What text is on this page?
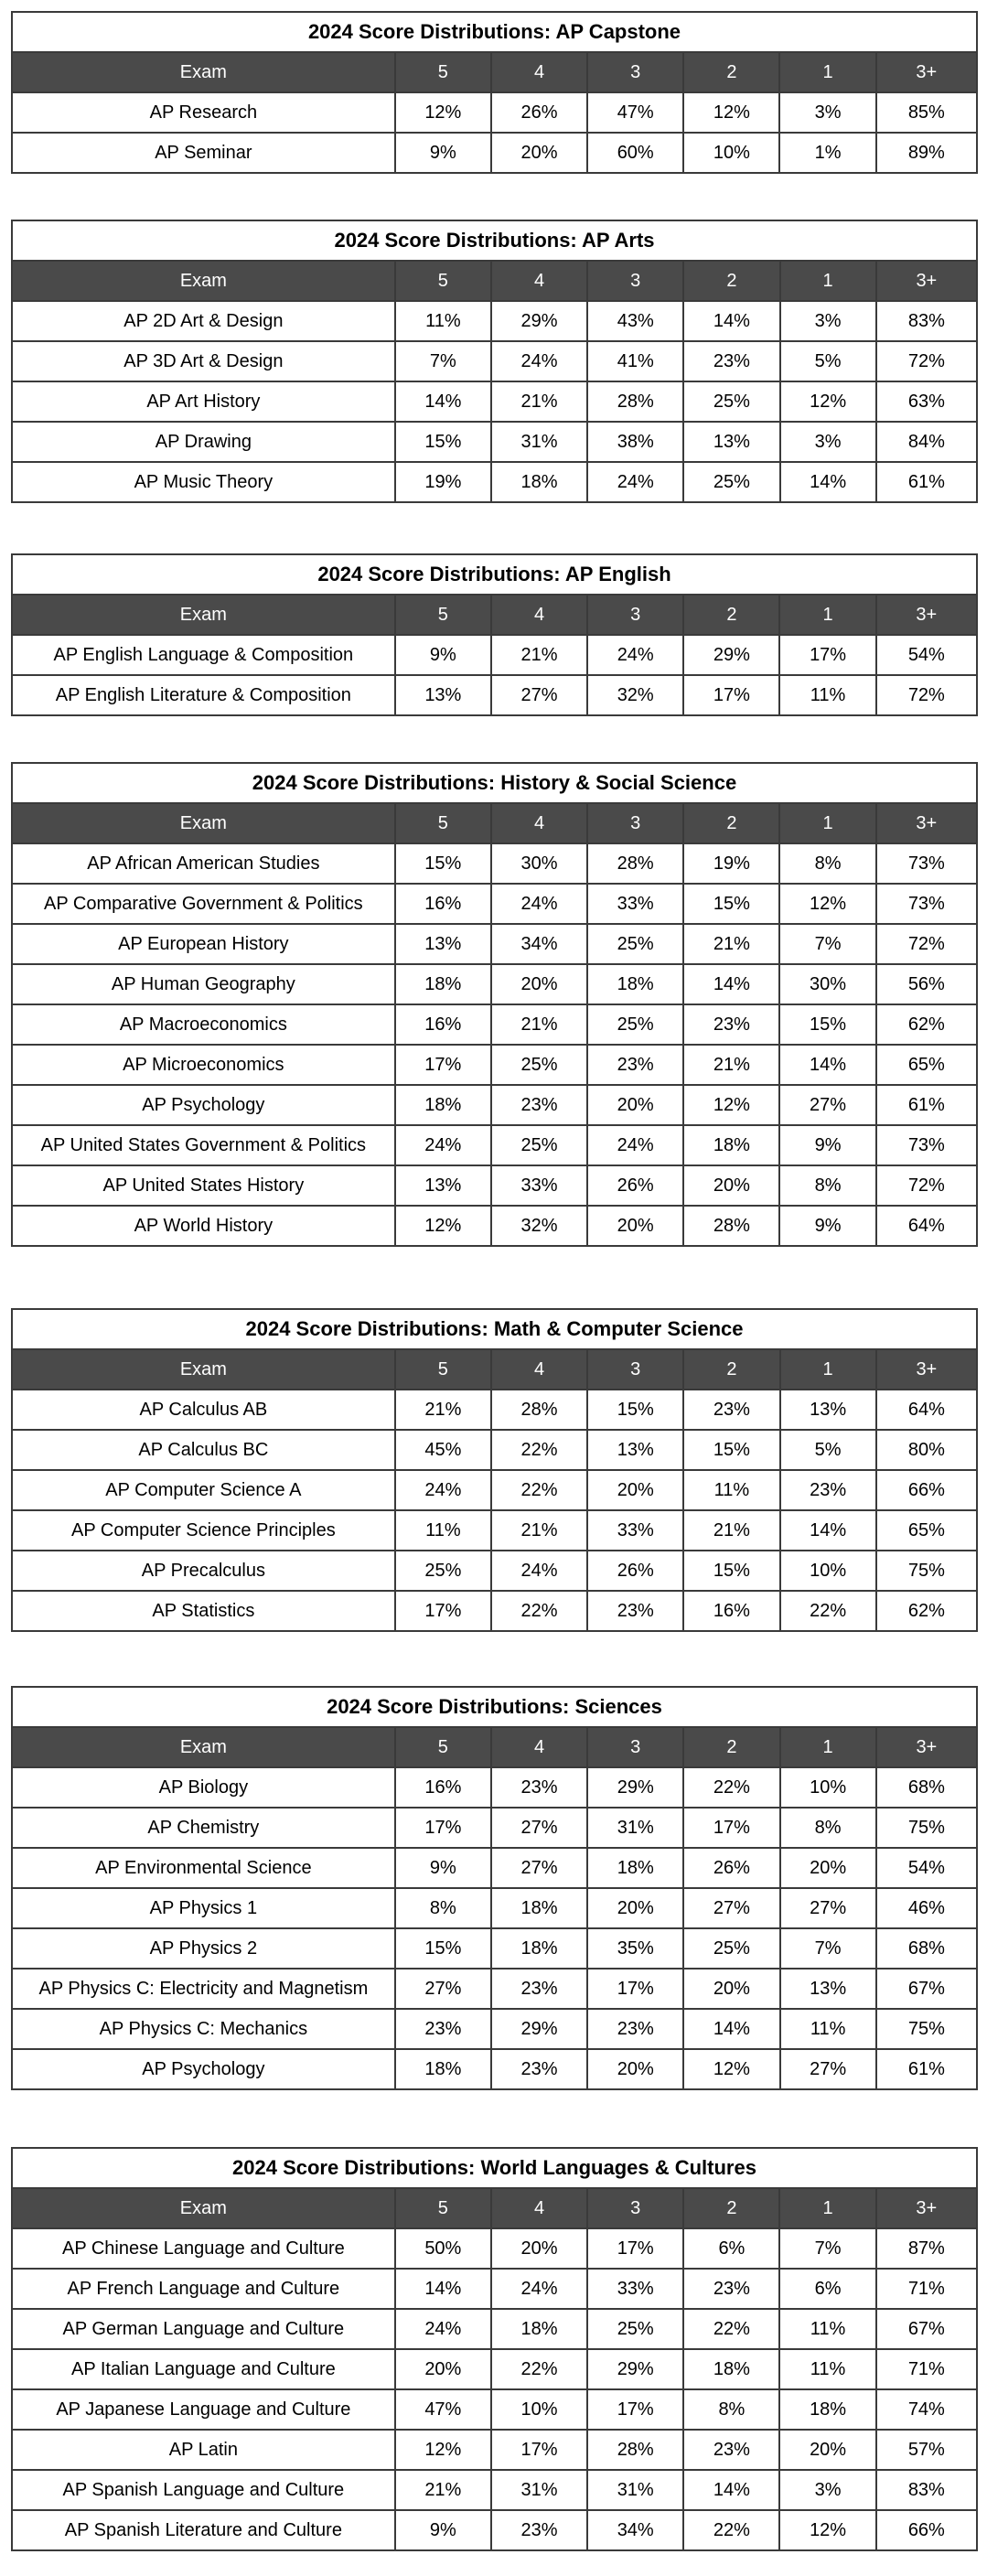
2024 Score Distributions: AP Capstone						
Exam	5	4	3	2	1	3+
AP Research	12%	26%	47%	12%	3%	85%
AP Seminar	9%	20%	60%	10%	1%	89%
2024 Score Distributions: AP Arts						
Exam	5	4	3	2	1	3+
AP 2D Art & Design	11%	29%	43%	14%	3%	83%
AP 3D Art & Design	7%	24%	41%	23%	5%	72%
AP Art History	14%	21%	28%	25%	12%	63%
AP Drawing	15%	31%	38%	13%	3%	84%
AP Music Theory	19%	18%	24%	25%	14%	61%
2024 Score Distributions: AP English						
Exam	5	4	3	2	1	3+
AP English Language & Composition	9%	21%	24%	29%	17%	54%
AP English Literature & Composition	13%	27%	32%	17%	11%	72%
2024 Score Distributions: History & Social Science						
Exam	5	4	3	2	1	3+
AP African American Studies	15%	30%	28%	19%	8%	73%
AP Comparative Government & Politics	16%	24%	33%	15%	12%	73%
AP European History	13%	34%	25%	21%	7%	72%
AP Human Geography	18%	20%	18%	14%	30%	56%
AP Macroeconomics	16%	21%	25%	23%	15%	62%
AP Microeconomics	17%	25%	23%	21%	14%	65%
AP Psychology	18%	23%	20%	12%	27%	61%
AP United States Government & Politics	24%	25%	24%	18%	9%	73%
AP United States History	13%	33%	26%	20%	8%	72%
AP World History	12%	32%	20%	28%	9%	64%
2024 Score Distributions: Math & Computer Science						
Exam	5	4	3	2	1	3+
AP Calculus AB	21%	28%	15%	23%	13%	64%
AP Calculus BC	45%	22%	13%	15%	5%	80%
AP Computer Science A	24%	22%	20%	11%	23%	66%
AP Computer Science Principles	11%	21%	33%	21%	14%	65%
AP Precalculus	25%	24%	26%	15%	10%	75%
AP Statistics	17%	22%	23%	16%	22%	62%
2024 Score Distributions: Sciences						
Exam	5	4	3	2	1	3+
AP Biology	16%	23%	29%	22%	10%	68%
AP Chemistry	17%	27%	31%	17%	8%	75%
AP Environmental Science	9%	27%	18%	26%	20%	54%
AP Physics 1	8%	18%	20%	27%	27%	46%
AP Physics 2	15%	18%	35%	25%	7%	68%
AP Physics C: Electricity and Magnetism	27%	23%	17%	20%	13%	67%
AP Physics C: Mechanics	23%	29%	23%	14%	11%	75%
AP Psychology	18%	23%	20%	12%	27%	61%
2024 Score Distributions: World Languages & Cultures						
Exam	5	4	3	2	1	3+
AP Chinese Language and Culture	50%	20%	17%	6%	7%	87%
AP French Language and Culture	14%	24%	33%	23%	6%	71%
AP German Language and Culture	24%	18%	25%	22%	11%	67%
AP Italian Language and Culture	20%	22%	29%	18%	11%	71%
AP Japanese Language and Culture	47%	10%	17%	8%	18%	74%
AP Latin	12%	17%	28%	23%	20%	57%
AP Spanish Language and Culture	21%	31%	31%	14%	3%	83%
AP Spanish Literature and Culture	9%	23%	34%	22%	12%	66%
